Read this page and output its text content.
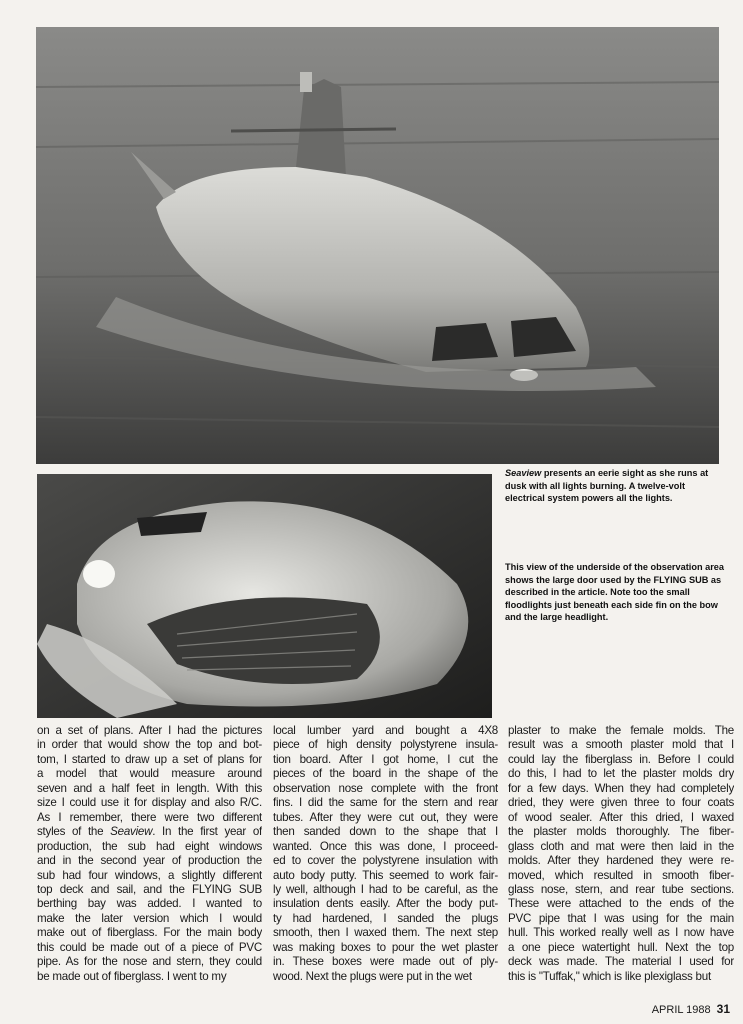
Seaview presents an eerie sight as she runs at dusk with all lights burning. A twelve-volt electrical system powers all the lights.
This view of the underside of the observation area shows the large door used by the FLYING SUB as described in the article. Note too the small floodlights just beneath each side fin on the bow and the large headlight.
on a set of plans. After I had the pictures
in order that would show the top and bot-
tom, I started to draw up a set of plans for
a model that would measure around
seven and a half feet in length. With this
size I could use it for display and also R/C.
As I remember, there were two different
styles of the Seaview. In the first year of
production, the sub had eight windows
and in the second year of production the
sub had four windows, a slightly different
top deck and sail, and the FLYING SUB
berthing bay was added. I wanted to
make the later version which I would
make out of fiberglass. For the main body
this could be made out of a piece of PVC
pipe. As for the nose and stern, they could
be made out of fiberglass. I went to my
local lumber yard and bought a 4X8
piece of high density polystyrene insula-
tion board. After I got home, I cut the
pieces of the board in the shape of the
observation nose complete with the front
fins. I did the same for the stern and rear
tubes. After they were cut out, they were
then sanded down to the shape that I
wanted. Once this was done, I proceed-
ed to cover the polystyrene insulation with
auto body putty. This seemed to work fair-
ly well, although I had to be careful, as the
insulation dents easily. After the body put-
ty had hardened, I sanded the plugs
smooth, then I waxed them. The next step
was making boxes to pour the wet plaster
in. These boxes were made out of ply-
wood. Next the plugs were put in the wet
plaster to make the female molds. The
result was a smooth plaster mold that I
could lay the fiberglass in. Before I could
do this, I had to let the plaster molds dry
for a few days. When they had completely
dried, they were given three to four coats
of wood sealer. After this dried, I waxed
the plaster molds thoroughly. The fiber-
glass cloth and mat were then laid in the
molds. After they hardened they were re-
moved, which resulted in smooth fiber-
glass nose, stern, and rear tube sections.
These were attached to the ends of the
PVC pipe that I was using for the main
hull. This worked really well as I now have
a one piece watertight hull. Next the top
deck was made. The material I used for
this is "Tuffak," which is like plexiglass but
APRIL 1988 31
